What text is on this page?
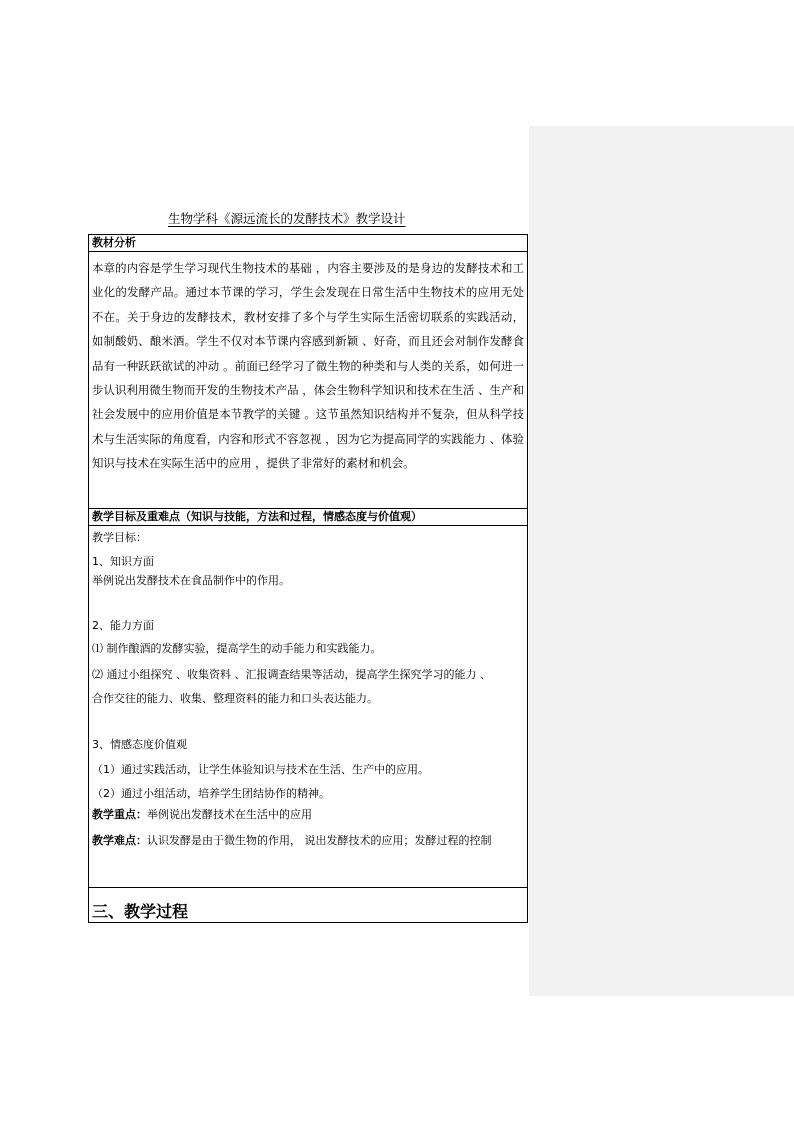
生物学科《源远流长的发酵技术》教学设计
教材分析
本章的内容是学生学习现代生物技术的基础 ，内容主要涉及的是身边的发酵技术和工业化的发酵产品。通过本节课的学习，学生会发现在日常生活中生物技术的应用无处不在。关于身边的发酵技术，教材安排了多个与学生实际生活密切联系的实践活动，如制酸奶、酿米酒。学生不仅对本节课内容感到新颖 、好奇，而且还会对制作发酵食品有一种跃跃欲试的冲动 。前面已经学习了微生物的种类和与人类的关系，如何进一步认识利用微生物而开发的生物技术产品 ，体会生物科学知识和技术在生活 、生产和社会发展中的应用价值是本节教学的关键 。这节虽然知识结构并不复杂，但从科学技术与生活实际的角度看，内容和形式不容忽视 ，因为它为提高同学的实践能力 、体验知识与技术在实际生活中的应用 ，提供了非常好的素材和机会。
教学目标及重难点（知识与技能，方法和过程，情感态度与价值观）
教学目标：
1、知识方面
举例说出发酵技术在食品制作中的作用。
2、能力方面
⑴ 制作酿酒的发酵实验，提高学生的动手能力和实践能力。
⑵ 通过小组探究 、收集资料 、汇报调查结果等活动，提高学生探究学习的能力 、
合作交往的能力、收集、整理资料的能力和口头表达能力。
3、情感态度价值观
（1）通过实践活动，让学生体验知识与技术在生活、生产中的应用。
（2）通过小组活动，培养学生团结协作的精神。
教学重点：举例说出发酵技术在生活中的应用
教学难点：认识发酵是由于微生物的作用， 说出发酵技术的应用；发酵过程的控制
三、教学过程
